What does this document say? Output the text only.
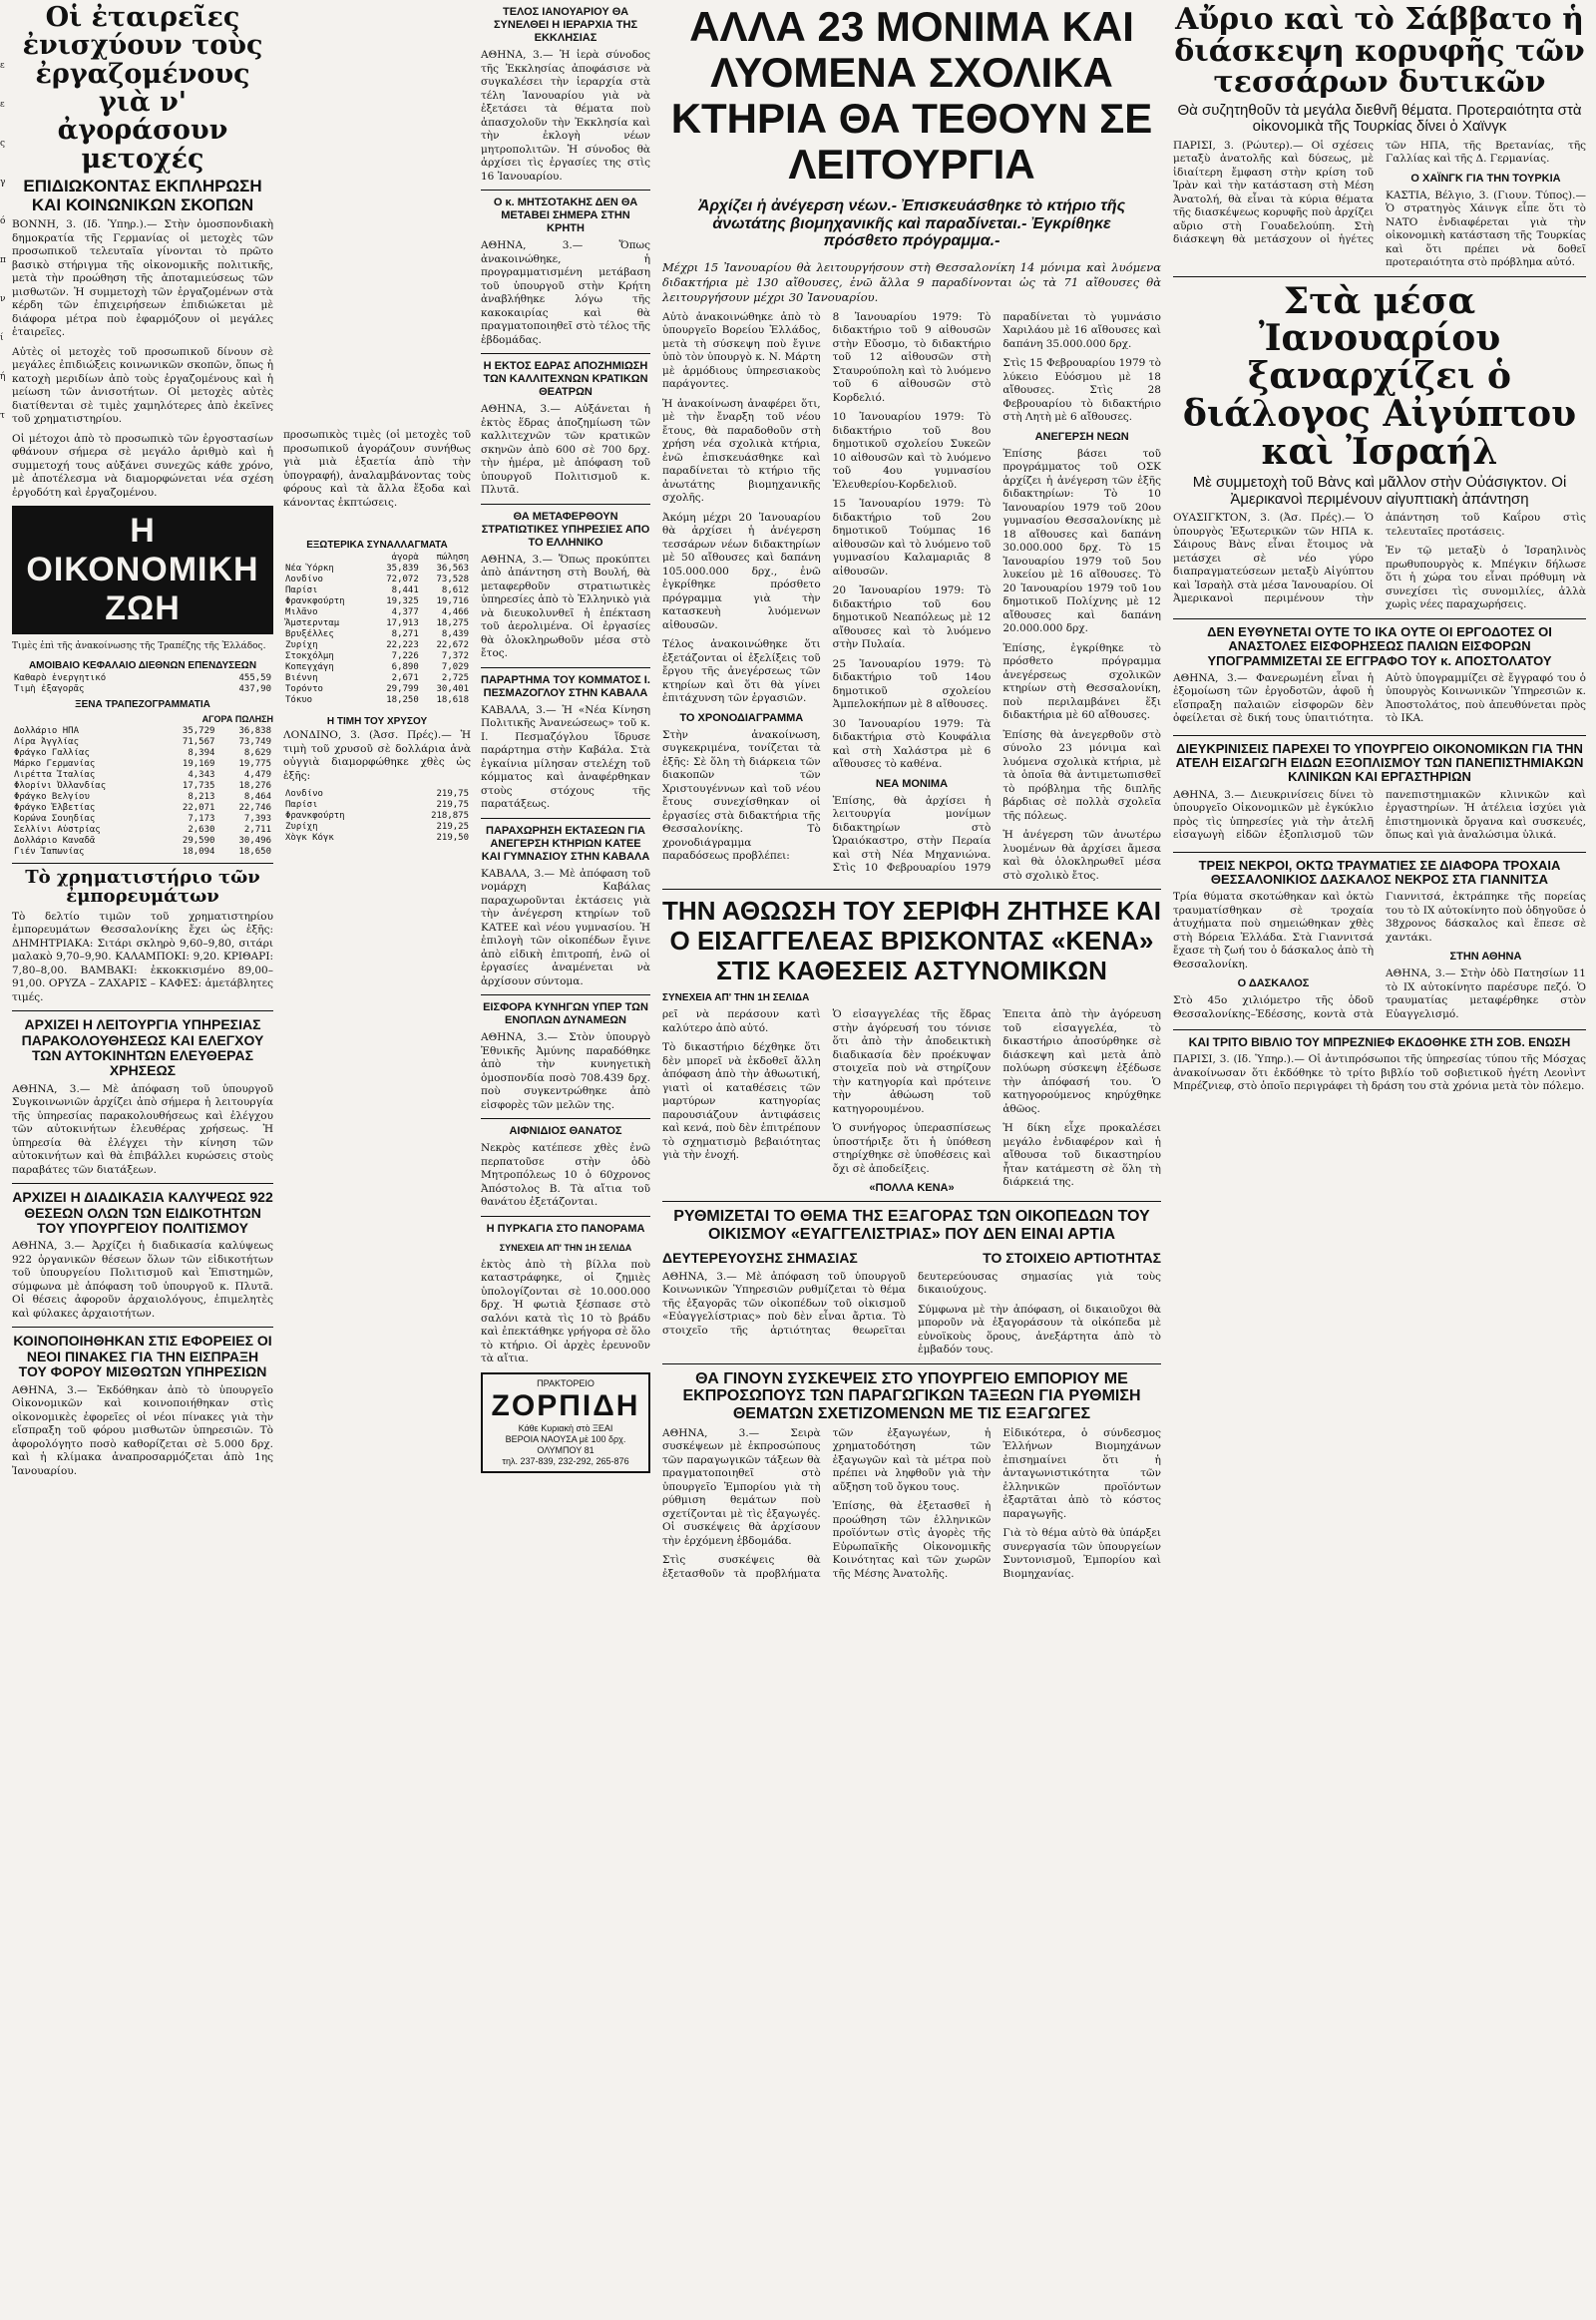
ε
ε
ς
γ
ό
π
ν
ί
ή
τ
Οἱ ἐταιρεῖες ἐνισχύουν τοὺς ἐργαζομένους γιὰ ν' ἀγοράσουν μετοχές
ΕΠΙΔΙΩΚΟΝΤΑΣ ΕΚΠΛΗΡΩΣΗ ΚΑΙ ΚΟΙΝΩΝΙΚΩΝ ΣΚΟΠΩΝ

ΒΟΝΝΗ, 3. (Ιδ. Ὑπηρ.).— Στὴν ὁμοσπονδιακὴ δημοκρατία τῆς Γερμανίας οἱ μετοχὲς τῶν προσωπικοῦ τελευταῖα γίνονται τὸ πρῶτο βασικὸ στήριγμα τῆς οἰκονομικῆς πολιτικῆς, μετὰ τὴν προώθηση τῆς ἀποταμιεύσεως τῶν μισθωτῶν. Ἡ συμμετοχὴ τῶν ἐργαζομένων στὰ κέρδη τῶν ἐπιχειρήσεων ἐπιδιώκεται μὲ διάφορα μέτρα ποὺ ἐφαρμόζουν οἱ μεγάλες ἑταιρεῖες.

Αὐτὲς οἱ μετοχὲς τοῦ προσωπικοῦ δίνουν σὲ μεγάλες ἐπιδιώξεις κοινωνικῶν σκοπῶν, ὅπως ἡ κατοχὴ μεριδίων ἀπὸ τοὺς ἐργαζομένους καὶ ἡ μείωση τῶν ἀνισοτήτων. Οἱ μετοχὲς αὐτὲς διατίθενται σὲ τιμὲς χαμηλότερες ἀπὸ ἐκεῖνες τοῦ χρηματιστηρίου.

Οἱ μέτοχοι ἀπὸ τὸ προσωπικὸ τῶν ἐργοστασίων φθάνουν σήμερα σὲ μεγάλο ἀριθμὸ καὶ ἡ συμμετοχή τους αὐξάνει συνεχῶς κάθε χρόνο, μὲ ἀποτέλεσμα νὰ διαμορφώνεται νέα σχέση ἐργοδότη καὶ ἐργαζομένου.

Η ΟΙΚΟΝΟΜΙΚΗ ΖΩΗ

Τιμὲς ἐπὶ τῆς ἀνακοίνωσης τῆς Τραπέζης τῆς Ἑλλάδος.

ΑΜΟΙΒΑΙΟ ΚΕΦΑΛΑΙΟ ΔΙΕΘΝΩΝ ΕΠΕΝΔΥΣΕΩΝ
Καθαρὸ ἐνεργητικό	455,59
Τιμὴ ἐξαγορᾶς	437,90
ΞΕΝΑ ΤΡΑΠΕΖΟΓΡΑΜΜΑΤΙΑ
ΑΓΟΡΑ ΠΩΛΗΣΗ
Δολλάριο ΗΠΑ	35,729	36,838
Λίρα Ἀγγλίας	71,567	73,749
Φράγκο Γαλλίας	8,394	8,629
Μάρκο Γερμανίας	19,169	19,775
Λιρέττα Ἰταλίας	4,343	4,479
Φλορίνι Ὀλλανδίας	17,735	18,276
Φράγκο Βελγίου	8,213	8,464
Φράγκο Ἑλβετίας	22,071	22,746
Κορώνα Σουηδίας	7,173	7,393
Σελλίνι Αὐστρίας	2,630	2,711
Δολλάριο Καναδᾶ	29,590	30,496
Γιέν Ἰαπωνίας	18,094	18,650
Τὸ χρηματιστήριο τῶν ἐμπορευμάτων

Τὸ δελτίο τιμῶν τοῦ χρηματιστηρίου ἐμπορευμάτων Θεσσαλονίκης ἔχει ὡς ἑξῆς: ΔΗΜΗΤΡΙΑΚΑ: Σιτάρι σκληρὸ 9,60–9,80, σιτάρι μαλακὸ 9,70–9,90. ΚΑΛΑΜΠΟΚΙ: 9,20. ΚΡΙΘΑΡΙ: 7,80–8,00. ΒΑΜΒΑΚΙ: ἐκκοκκισμένο 89,00–91,00. ΟΡΥΖΑ – ΖΑΧΑΡΙΣ – ΚΑΦΕΣ: ἀμετάβλητες τιμές.

ΑΡΧΙΖΕΙ Η ΛΕΙΤΟΥΡΓΙΑ ΥΠΗΡΕΣΙΑΣ ΠΑΡΑΚΟΛΟΥΘΗΣΕΩΣ ΚΑΙ ΕΛΕΓΧΟΥ ΤΩΝ ΑΥΤΟΚΙΝΗΤΩΝ ΕΛΕΥΘΕΡΑΣ ΧΡΗΣΕΩΣ

ΑΘΗΝΑ, 3.— Μὲ ἀπόφαση τοῦ ὑπουργοῦ Συγκοινωνιῶν ἀρχίζει ἀπὸ σήμερα ἡ λειτουργία τῆς ὑπηρεσίας παρακολουθήσεως καὶ ἐλέγχου τῶν αὐτοκινήτων ἐλευθέρας χρήσεως. Ἡ ὑπηρεσία θὰ ἐλέγχει τὴν κίνηση τῶν αὐτοκινήτων καὶ θὰ ἐπιβάλλει κυρώσεις στοὺς παραβάτες τῶν διατάξεων.

ΑΡΧΙΖΕΙ Η ΔΙΑΔΙΚΑΣΙΑ ΚΑΛΥΨΕΩΣ 922 ΘΕΣΕΩΝ ΟΛΩΝ ΤΩΝ ΕΙΔΙΚΟΤΗΤΩΝ ΤΟΥ ΥΠΟΥΡΓΕΙΟΥ ΠΟΛΙΤΙΣΜΟΥ

ΑΘΗΝΑ, 3.— Ἀρχίζει ἡ διαδικασία καλύψεως 922 ὀργανικῶν θέσεων ὅλων τῶν εἰδικοτήτων τοῦ ὑπουργείου Πολιτισμοῦ καὶ Ἐπιστημῶν, σύμφωνα μὲ ἀπόφαση τοῦ ὑπουργοῦ κ. Πλυτᾶ. Οἱ θέσεις ἀφοροῦν ἀρχαιολόγους, ἐπιμελητὲς καὶ φύλακες ἀρχαιοτήτων.

ΚΟΙΝΟΠΟΙΗΘΗΚΑΝ ΣΤΙΣ ΕΦΟΡΕΙΕΣ ΟΙ ΝΕΟΙ ΠΙΝΑΚΕΣ ΓΙΑ ΤΗΝ ΕΙΣΠΡΑΞΗ ΤΟΥ ΦΟΡΟΥ ΜΙΣΘΩΤΩΝ ΥΠΗΡΕΣΙΩΝ

ΑΘΗΝΑ, 3.— Ἐκδόθηκαν ἀπὸ τὸ ὑπουργεῖο Οἰκονομικῶν καὶ κοινοποιήθηκαν στὶς οἰκονομικὲς ἐφορεῖες οἱ νέοι πίνακες γιὰ τὴν εἴσπραξη τοῦ φόρου μισθωτῶν ὑπηρεσιῶν. Τὸ ἀφορολόγητο ποσὸ καθορίζεται σὲ 5.000 δρχ. καὶ ἡ κλίμακα ἀναπροσαρμόζεται ἀπὸ 1ης Ἰανουαρίου.

προσωπικὸς τιμὲς (οἱ μετοχὲς τοῦ προσωπικοῦ ἀγοράζουν συνήθως γιὰ μιὰ ἑξαετία ἀπὸ τὴν ὑπογραφή), ἀναλαμβάνοντας τοὺς φόρους καὶ τὰ ἄλλα ἔξοδα καὶ κάνοντας ἐκπτώσεις.

ΕΞΩΤΕΡΙΚΑ ΣΥΝΑΛΛΑΓΜΑΤΑ
	ἀγορὰ	πώληση
Νέα Ὑόρκη	35,839	36,563
Λονδίνο	72,072	73,528
Παρίσι	8,441	8,612
Φρανκφούρτη	19,325	19,716
Μιλᾶνο	4,377	4,466
Ἄμστερνταμ	17,913	18,275
Βρυξέλλες	8,271	8,439
Ζυρίχη	22,223	22,672
Στοκχόλμη	7,226	7,372
Κοπεγχάγη	6,890	7,029
Βιέννη	2,671	2,725
Τορόντο	29,799	30,401
Τόκυο	18,250	18,618
Η ΤΙΜΗ ΤΟΥ ΧΡΥΣΟΥ

ΛΟΝΔΙΝΟ, 3. (Ἀσσ. Πρές).— Ἡ τιμὴ τοῦ χρυσοῦ σὲ δολλάρια ἀνὰ οὐγγιὰ διαμορφώθηκε χθὲς ὡς ἑξῆς:

Λονδίνο	219,75
Παρίσι	219,75
Φρανκφούρτη	218,875
Ζυρίχη	219,25
Χὸγκ Κόγκ	219,50
ΤΕΛΟΣ ΙΑΝΟΥΑΡΙΟΥ ΘΑ ΣΥΝΕΛΘΕΙ Η ΙΕΡΑΡΧΙΑ ΤΗΣ ΕΚΚΛΗΣΙΑΣ

ΑΘΗΝΑ, 3.— Ἡ ἱερὰ σύνοδος τῆς Ἐκκλησίας ἀποφάσισε νὰ συγκαλέσει τὴν ἱεραρχία στὰ τέλη Ἰανουαρίου γιὰ νὰ ἐξετάσει τὰ θέματα ποὺ ἀπασχολοῦν τὴν Ἐκκλησία καὶ τὴν ἐκλογὴ νέων μητροπολιτῶν. Ἡ σύνοδος θὰ ἀρχίσει τὶς ἐργασίες της στὶς 16 Ἰανουαρίου.

Ο κ. ΜΗΤΣΟΤΑΚΗΣ ΔΕΝ ΘΑ ΜΕΤΑΒΕΙ ΣΗΜΕΡΑ ΣΤΗΝ ΚΡΗΤΗ

ΑΘΗΝΑ, 3.— Ὅπως ἀνακοινώθηκε, ἡ προγραμματισμένη μετάβαση τοῦ ὑπουργοῦ στὴν Κρήτη ἀναβλήθηκε λόγω τῆς κακοκαιρίας καὶ θὰ πραγματοποιηθεῖ στὸ τέλος τῆς ἑβδομάδας.

Η ΕΚΤΟΣ ΕΔΡΑΣ ΑΠΟΖΗΜΙΩΣΗ ΤΩΝ ΚΑΛΛΙΤΕΧΝΩΝ ΚΡΑΤΙΚΩΝ ΘΕΑΤΡΩΝ

ΑΘΗΝΑ, 3.— Αὐξάνεται ἡ ἐκτὸς ἕδρας ἀποζημίωση τῶν καλλιτεχνῶν τῶν κρατικῶν σκηνῶν ἀπὸ 600 σὲ 700 δρχ. τὴν ἡμέρα, μὲ ἀπόφαση τοῦ ὑπουργοῦ Πολιτισμοῦ κ. Πλυτᾶ.

ΘΑ ΜΕΤΑΦΕΡΘΟΥΝ ΣΤΡΑΤΙΩΤΙΚΕΣ ΥΠΗΡΕΣΙΕΣ ΑΠΟ ΤΟ ΕΛΛΗΝΙΚΟ

ΑΘΗΝΑ, 3.— Ὅπως προκύπτει ἀπὸ ἀπάντηση στὴ Βουλή, θὰ μεταφερθοῦν στρατιωτικὲς ὑπηρεσίες ἀπὸ τὸ Ἑλληνικὸ γιὰ νὰ διευκολυνθεῖ ἡ ἐπέκταση τοῦ ἀερολιμένα. Οἱ ἐργασίες θὰ ὁλοκληρωθοῦν μέσα στὸ ἔτος.

ΠΑΡΑΡΤΗΜΑ ΤΟΥ ΚΟΜΜΑΤΟΣ Ι. ΠΕΣΜΑΖΟΓΛΟΥ ΣΤΗΝ ΚΑΒΑΛΑ

ΚΑΒΑΛΑ, 3.— Ἡ «Νέα Κίνηση Πολιτικῆς Ἀνανεώσεως» τοῦ κ. Ι. Πεσμαζόγλου ἵδρυσε παράρτημα στὴν Καβάλα. Στὰ ἐγκαίνια μίλησαν στελέχη τοῦ κόμματος καὶ ἀναφέρθηκαν στοὺς στόχους τῆς παρατάξεως.

ΠΑΡΑΧΩΡΗΣΗ ΕΚΤΑΣΕΩΝ ΓΙΑ ΑΝΕΓΕΡΣΗ ΚΤΗΡΙΩΝ ΚΑΤΕΕ ΚΑΙ ΓΥΜΝΑΣΙΟΥ ΣΤΗΝ ΚΑΒΑΛΑ

ΚΑΒΑΛΑ, 3.— Μὲ ἀπόφαση τοῦ νομάρχη Καβάλας παραχωροῦνται ἐκτάσεις γιὰ τὴν ἀνέγερση κτηρίων τοῦ ΚΑΤΕΕ καὶ νέου γυμνασίου. Ἡ ἐπιλογὴ τῶν οἰκοπέδων ἔγινε ἀπὸ εἰδικὴ ἐπιτροπή, ἐνῶ οἱ ἐργασίες ἀναμένεται νὰ ἀρχίσουν σύντομα.

ΕΙΣΦΟΡΑ ΚΥΝΗΓΩΝ ΥΠΕΡ ΤΩΝ ΕΝΟΠΛΩΝ ΔΥΝΑΜΕΩΝ

ΑΘΗΝΑ, 3.— Στὸν ὑπουργὸ Ἐθνικῆς Ἀμύνης παραδόθηκε ἀπὸ τὴν κυνηγετικὴ ὁμοσπονδία ποσὸ 708.439 δρχ. ποὺ συγκεντρώθηκε ἀπὸ εἰσφορὲς τῶν μελῶν της.

ΑΙΦΝΙΔΙΟΣ ΘΑΝΑΤΟΣ

Νεκρὸς κατέπεσε χθὲς ἐνῶ περπατοῦσε στὴν ὁδὸ Μητροπόλεως 10 ὁ 60χρονος Ἀπόστολος Β. Τὰ αἴτια τοῦ θανάτου ἐξετάζονται.

Η ΠΥΡΚΑΓΙΑ ΣΤΟ ΠΑΝΟΡΑΜΑ
ΣΥΝΕΧΕΙΑ ΑΠ' ΤΗΝ 1Η ΣΕΛΙΔΑ

ἐκτὸς ἀπὸ τὴ βίλλα ποὺ καταστράφηκε, οἱ ζημιὲς ὑπολογίζονται σὲ 10.000.000 δρχ. Ἡ φωτιὰ ξέσπασε στὸ σαλόνι κατὰ τὶς 10 τὸ βράδυ καὶ ἐπεκτάθηκε γρήγορα σὲ ὅλο τὸ κτήριο. Οἱ ἀρχὲς ἐρευνοῦν τὰ αἴτια.

ΠΡΑΚΤΟΡΕΙΟ
ΖΟΡΠΙΔΗ
Κάθε Κυριακὴ στὸ ΞΕΑΙ
ΒΕΡΟΙΑ ΝΑΟΥΣΑ μὲ 100 δρχ.
ΟΛΥΜΠΟΥ 81
τηλ. 237-839, 232-292, 265-876
ΑΛΛΑ 23 ΜΟΝΙΜΑ ΚΑΙ ΛΥΟΜΕΝΑ ΣΧΟΛΙΚΑ ΚΤΗΡΙΑ ΘΑ ΤΕΘΟΥΝ ΣΕ ΛΕΙΤΟΥΡΓΙΑ
Ἀρχίζει ἡ ἀνέγερση νέων.- Ἐπισκευάσθηκε τὸ κτήριο τῆς ἀνωτάτης βιομηχανικῆς καὶ παραδίνεται.- Ἐγκρίθηκε πρόσθετο πρόγραμμα.-

Μέχρι 15 Ἰανουαρίου θὰ λειτουργήσουν στὴ Θεσσαλονίκη 14 μόνιμα καὶ λυόμενα διδακτήρια μὲ 130 αἴθουσες, ἐνῶ ἄλλα 9 παραδίνονται ὡς τὰ 71 αἴθουσες θὰ λειτουργήσουν μέχρι 30 Ἰανουαρίου.

Αὐτὸ ἀνακοινώθηκε ἀπὸ τὸ ὑπουργεῖο Βορείου Ἑλλάδος, μετὰ τὴ σύσκεψη ποὺ ἔγινε ὑπὸ τὸν ὑπουργὸ κ. Ν. Μάρτη μὲ ἁρμόδιους ὑπηρεσιακοὺς παράγοντες.

Ἡ ἀνακοίνωση ἀναφέρει ὅτι, μὲ τὴν ἔναρξη τοῦ νέου ἔτους, θὰ παραδοθοῦν στὴ χρήση νέα σχολικὰ κτήρια, ἐνῶ ἐπισκευάσθηκε καὶ παραδίνεται τὸ κτήριο τῆς ἀνωτάτης βιομηχανικῆς σχολῆς.

Ἀκόμη μέχρι 20 Ἰανουαρίου θὰ ἀρχίσει ἡ ἀνέγερση τεσσάρων νέων διδακτηρίων μὲ 50 αἴθουσες καὶ δαπάνη 105.000.000 δρχ., ἐνῶ ἐγκρίθηκε πρόσθετο πρόγραμμα γιὰ τὴν κατασκευὴ λυόμενων αἰθουσῶν.

Τέλος ἀνακοινώθηκε ὅτι ἐξετάζονται οἱ ἐξελίξεις τοῦ ἔργου τῆς ἀνεγέρσεως τῶν κτηρίων καὶ ὅτι θὰ γίνει ἐπιτάχυνση τῶν ἐργασιῶν.

ΤΟ ΧΡΟΝΟΔΙΑΓΡΑΜΜΑ

Στὴν ἀνακοίνωση, συγκεκριμένα, τονίζεται τὰ ἑξῆς: Σὲ ὅλη τὴ διάρκεια τῶν διακοπῶν τῶν Χριστουγέννων καὶ τοῦ νέου ἔτους συνεχίσθηκαν οἱ ἐργασίες στὰ διδακτήρια τῆς Θεσσαλονίκης. Τὸ χρονοδιάγραμμα παραδόσεως προβλέπει:

8 Ἰανουαρίου 1979: Τὸ διδακτήριο τοῦ 9 αἰθουσῶν στὴν Εὔοσμο, τὸ διδακτήριο τοῦ 12 αἰθουσῶν στὴ Σταυρούπολη καὶ τὸ λυόμενο τοῦ 6 αἰθουσῶν στὸ Κορδελιό.

10 Ἰανουαρίου 1979: Τὸ διδακτήριο τοῦ 8ου δημοτικοῦ σχολείου Συκεῶν 10 αἰθουσῶν καὶ τὸ λυόμενο τοῦ 4ου γυμνασίου Ἐλευθερίου-Κορδελιοῦ.

15 Ἰανουαρίου 1979: Τὸ διδακτήριο τοῦ 2ου δημοτικοῦ Τούμπας 16 αἰθουσῶν καὶ τὸ λυόμενο τοῦ γυμνασίου Καλαμαριᾶς 8 αἰθουσῶν.

20 Ἰανουαρίου 1979: Τὸ διδακτήριο τοῦ 6ου δημοτικοῦ Νεαπόλεως μὲ 12 αἴθουσες καὶ τὸ λυόμενο στὴν Πυλαία.

25 Ἰανουαρίου 1979: Τὸ διδακτήριο τοῦ 14ου δημοτικοῦ σχολείου Ἀμπελοκήπων μὲ 8 αἴθουσες.

30 Ἰανουαρίου 1979: Τὰ διδακτήρια στὸ Κουφάλια καὶ στὴ Χαλάστρα μὲ 6 αἴθουσες τὸ καθένα.

ΝΕΑ ΜΟΝΙΜΑ

Ἐπίσης, θὰ ἀρχίσει ἡ λειτουργία μονίμων διδακτηρίων στὸ Ὡραιόκαστρο, στὴν Περαία καὶ στὴ Νέα Μηχανιώνα. Στὶς 10 Φεβρουαρίου 1979 παραδίνεται τὸ γυμνάσιο Χαριλάου μὲ 16 αἴθουσες καὶ δαπάνη 35.000.000 δρχ.

Στὶς 15 Φεβρουαρίου 1979 τὸ λύκειο Εὐόσμου μὲ 18 αἴθουσες. Στὶς 28 Φεβρουαρίου τὸ διδακτήριο στὴ Λητὴ μὲ 6 αἴθουσες.

ΑΝΕΓΕΡΣΗ ΝΕΩΝ

Ἐπίσης βάσει τοῦ προγράμματος τοῦ ΟΣΚ ἀρχίζει ἡ ἀνέγερση τῶν ἑξῆς διδακτηρίων: Τὸ 10 Ἰανουαρίου 1979 τοῦ 20ου γυμνασίου Θεσσαλονίκης μὲ 18 αἴθουσες καὶ δαπάνη 30.000.000 δρχ. Τὸ 15 Ἰανουαρίου 1979 τοῦ 5ου λυκείου μὲ 16 αἴθουσες. Τὸ 20 Ἰανουαρίου 1979 τοῦ 1ου δημοτικοῦ Πολίχνης μὲ 12 αἴθουσες καὶ δαπάνη 20.000.000 δρχ.

Ἐπίσης, ἐγκρίθηκε τὸ πρόσθετο πρόγραμμα ἀνεγέρσεως σχολικῶν κτηρίων στὴ Θεσσαλονίκη, ποὺ περιλαμβάνει ἕξι διδακτήρια μὲ 60 αἴθουσες.

Ἐπίσης θὰ ἀνεγερθοῦν στὸ σύνολο 23 μόνιμα καὶ λυόμενα σχολικὰ κτήρια, μὲ τὰ ὁποῖα θὰ ἀντιμετωπισθεῖ τὸ πρόβλημα τῆς διπλῆς βάρδιας σὲ πολλὰ σχολεῖα τῆς πόλεως.

Ἡ ἀνέγερση τῶν ἀνωτέρω λυομένων θὰ ἀρχίσει ἄμεσα καὶ θὰ ὁλοκληρωθεῖ μέσα στὸ σχολικὸ ἔτος.

ΤΗΝ ΑΘΩΩΣΗ ΤΟΥ ΣΕΡΙΦΗ ΖΗΤΗΣΕ ΚΑΙ Ο ΕΙΣΑΓΓΕΛΕΑΣ ΒΡΙΣΚΟΝΤΑΣ «ΚΕΝΑ» ΣΤΙΣ ΚΑΘΕΣΕΙΣ ΑΣΤΥΝΟΜΙΚΩΝ
ΣΥΝΕΧΕΙΑ ΑΠ' ΤΗΝ 1Η ΣΕΛΙΔΑ

ρεῖ νὰ περάσουν κατὶ καλύτερο ἀπὸ αὐτό.

Τὸ δικαστήριο δέχθηκε ὅτι δὲν μπορεῖ νὰ ἐκδοθεῖ ἄλλη ἀπόφαση ἀπὸ τὴν ἀθωωτική, γιατὶ οἱ καταθέσεις τῶν μαρτύρων κατηγορίας παρουσιάζουν ἀντιφάσεις καὶ κενά, ποὺ δὲν ἐπιτρέπουν τὸ σχηματισμὸ βεβαιότητας γιὰ τὴν ἐνοχή.

Ὁ εἰσαγγελέας τῆς ἕδρας στὴν ἀγόρευσή του τόνισε ὅτι ἀπὸ τὴν ἀποδεικτικὴ διαδικασία δὲν προέκυψαν στοιχεῖα ποὺ νὰ στηρίζουν τὴν κατηγορία καὶ πρότεινε τὴν ἀθώωση τοῦ κατηγορουμένου.

Ὁ συνήγορος ὑπερασπίσεως ὑποστήριξε ὅτι ἡ ὑπόθεση στηρίχθηκε σὲ ὑποθέσεις καὶ ὄχι σὲ ἀποδείξεις.

«ΠΟΛΛΑ ΚΕΝΑ»

Ἐπειτα ἀπὸ τὴν ἀγόρευση τοῦ εἰσαγγελέα, τὸ δικαστήριο ἀποσύρθηκε σὲ διάσκεψη καὶ μετὰ ἀπὸ πολύωρη σύσκεψη ἐξέδωσε τὴν ἀπόφασή του. Ὁ κατηγορούμενος κηρύχθηκε ἀθῶος.

Ἡ δίκη εἶχε προκαλέσει μεγάλο ἐνδιαφέρον καὶ ἡ αἴθουσα τοῦ δικαστηρίου ἦταν κατάμεστη σὲ ὅλη τὴ διάρκειά της.

ΡΥΘΜΙΖΕΤΑΙ ΤΟ ΘΕΜΑ ΤΗΣ ΕΞΑΓΟΡΑΣ ΤΩΝ ΟΙΚΟΠΕΔΩΝ ΤΟΥ ΟΙΚΙΣΜΟΥ «ΕΥΑΓΓΕΛΙΣΤΡΙΑΣ» ΠΟΥ ΔΕΝ ΕΙΝΑΙ ΑΡΤΙΑ
ΔΕΥΤΕΡΕΥΟΥΣΗΣ ΣΗΜΑΣΙΑΣ	ΤΟ ΣΤΟΙΧΕΙΟ ΑΡΤΙΟΤΗΤΑΣ

ΑΘΗΝΑ, 3.— Μὲ ἀπόφαση τοῦ ὑπουργοῦ Κοινωνικῶν Ὑπηρεσιῶν ρυθμίζεται τὸ θέμα τῆς ἐξαγορᾶς τῶν οἰκοπέδων τοῦ οἰκισμοῦ «Εὐαγγελίστριας» ποὺ δὲν εἶναι ἄρτια. Τὸ στοιχεῖο τῆς ἀρτιότητας θεωρεῖται δευτερεύουσας σημασίας γιὰ τοὺς δικαιούχους.

Σύμφωνα μὲ τὴν ἀπόφαση, οἱ δικαιοῦχοι θὰ μποροῦν νὰ ἐξαγοράσουν τὰ οἰκόπεδα μὲ εὐνοϊκοὺς ὅρους, ἀνεξάρτητα ἀπὸ τὸ ἐμβαδόν τους.

ΘΑ ΓΙΝΟΥΝ ΣΥΣΚΕΨΕΙΣ ΣΤΟ ΥΠΟΥΡΓΕΙΟ ΕΜΠΟΡΙΟΥ ΜΕ ΕΚΠΡΟΣΩΠΟΥΣ ΤΩΝ ΠΑΡΑΓΩΓΙΚΩΝ ΤΑΞΕΩΝ ΓΙΑ ΡΥΘΜΙΣΗ ΘΕΜΑΤΩΝ ΣΧΕΤΙΖΟΜΕΝΩΝ ΜΕ ΤΙΣ ΕΞΑΓΩΓΕΣ

ΑΘΗΝΑ, 3.— Σειρὰ συσκέψεων μὲ ἐκπροσώπους τῶν παραγωγικῶν τάξεων θὰ πραγματοποιηθεῖ στὸ ὑπουργεῖο Ἐμπορίου γιὰ τὴ ρύθμιση θεμάτων ποὺ σχετίζονται μὲ τὶς ἐξαγωγές. Οἱ συσκέψεις θὰ ἀρχίσουν τὴν ἐρχόμενη ἑβδομάδα.

Στὶς συσκέψεις θὰ ἐξετασθοῦν τὰ προβλήματα τῶν ἐξαγωγέων, ἡ χρηματοδότηση τῶν ἐξαγωγῶν καὶ τὰ μέτρα ποὺ πρέπει νὰ ληφθοῦν γιὰ τὴν αὔξηση τοῦ ὄγκου τους.

Ἐπίσης, θὰ ἐξετασθεῖ ἡ προώθηση τῶν ἑλληνικῶν προϊόντων στὶς ἀγορὲς τῆς Εὐρωπαϊκῆς Οἰκονομικῆς Κοινότητας καὶ τῶν χωρῶν τῆς Μέσης Ἀνατολῆς.

Εἰδικότερα, ὁ σύνδεσμος Ἑλλήνων Βιομηχάνων ἐπισημαίνει ὅτι ἡ ἀνταγωνιστικότητα τῶν ἑλληνικῶν προϊόντων ἐξαρτᾶται ἀπὸ τὸ κόστος παραγωγῆς.

Γιὰ τὸ θέμα αὐτὸ θὰ ὑπάρξει συνεργασία τῶν ὑπουργείων Συντονισμοῦ, Ἐμπορίου καὶ Βιομηχανίας.

Αὔριο καὶ τὸ Σάββατο ἡ διάσκεψη κορυφῆς τῶν τεσσάρων δυτικῶν
Θὰ συζητηθοῦν τὰ μεγάλα διεθνῆ θέματα. Προτεραιότητα στὰ οἰκονομικὰ τῆς Τουρκίας δίνει ὁ Χαϊνγκ

ΠΑΡΙΣΙ, 3. (Ρώυτερ).— Οἱ σχέσεις μεταξὺ ἀνατολῆς καὶ δύσεως, μὲ ἰδιαίτερη ἔμφαση στὴν κρίση τοῦ Ἰρὰν καὶ τὴν κατάσταση στὴ Μέση Ἀνατολή, θὰ εἶναι τὰ κύρια θέματα τῆς διασκέψεως κορυφῆς ποὺ ἀρχίζει αὔριο στὴ Γουαδελούπη. Στὴ διάσκεψη θὰ μετάσχουν οἱ ἡγέτες τῶν ΗΠΑ, τῆς Βρετανίας, τῆς Γαλλίας καὶ τῆς Δ. Γερμανίας.

Ο ΧΑΪΝΓΚ ΓΙΑ ΤΗΝ ΤΟΥΡΚΙΑ

ΚΑΣΤΙΑ, Βέλγιο, 3. (Γιουν. Τύπος).— Ὁ στρατηγὸς Χάινγκ εἶπε ὅτι τὸ ΝΑΤΟ ἐνδιαφέρεται γιὰ τὴν οἰκονομικὴ κατάσταση τῆς Τουρκίας καὶ ὅτι πρέπει νὰ δοθεῖ προτεραιότητα στὸ πρόβλημα αὐτό.

Στὰ μέσα Ἰανουαρίου ξαναρχίζει ὁ διάλογος Αἰγύπτου καὶ Ἰσραήλ
Μὲ συμμετοχὴ τοῦ Βὰνς καὶ μᾶλλον στὴν Οὐάσιγκτον. Οἱ Ἀμερικανοὶ περιμένουν αἰγυπτιακὴ ἀπάντηση

ΟΥΑΣΙΓΚΤΟΝ, 3. (Ἀσ. Πρές).— Ὁ ὑπουργὸς Ἐξωτερικῶν τῶν ΗΠΑ κ. Σάιρους Βὰνς εἶναι ἕτοιμος νὰ μετάσχει σὲ νέο γύρο διαπραγματεύσεων μεταξὺ Αἰγύπτου καὶ Ἰσραὴλ στὰ μέσα Ἰανουαρίου. Οἱ Ἀμερικανοὶ περιμένουν τὴν ἀπάντηση τοῦ Καΐρου στὶς τελευταῖες προτάσεις.

Ἐν τῷ μεταξὺ ὁ Ἰσραηλινὸς πρωθυπουργὸς κ. Μπέγκιν δήλωσε ὅτι ἡ χώρα του εἶναι πρόθυμη νὰ συνεχίσει τὶς συνομιλίες, ἀλλὰ χωρὶς νέες παραχωρήσεις.

ΔΕΝ ΕΥΘΥΝΕΤΑΙ ΟΥΤΕ ΤΟ ΙΚΑ ΟΥΤΕ ΟΙ ΕΡΓΟΔΟΤΕΣ ΟΙ ΑΝΑΣΤΟΛΕΣ ΕΙΣΦΟΡΗΣΕΩΣ ΠΑΛΙΩΝ ΕΙΣΦΟΡΩΝ ΥΠΟΓΡΑΜΜΙΖΕΤΑΙ ΣΕ ΕΓΓΡΑΦΟ ΤΟΥ κ. ΑΠΟΣΤΟΛΑΤΟΥ

ΑΘΗΝΑ, 3.— Φανερωμένη εἶναι ἡ ἐξομοίωση τῶν ἐργοδοτῶν, ἀφοῦ ἡ εἴσπραξη παλαιῶν εἰσφορῶν δὲν ὀφείλεται σὲ δική τους ὑπαιτιότητα. Αὐτὸ ὑπογραμμίζει σὲ ἔγγραφό του ὁ ὑπουργὸς Κοινωνικῶν Ὑπηρεσιῶν κ. Ἀποστολάτος, ποὺ ἀπευθύνεται πρὸς τὸ ΙΚΑ.

ΔΙΕΥΚΡΙΝΙΣΕΙΣ ΠΑΡΕΧΕΙ ΤΟ ΥΠΟΥΡΓΕΙΟ ΟΙΚΟΝΟΜΙΚΩΝ ΓΙΑ ΤΗΝ ΑΤΕΛΗ ΕΙΣΑΓΩΓΗ ΕΙΔΩΝ ΕΞΟΠΛΙΣΜΟΥ ΤΩΝ ΠΑΝΕΠΙΣΤΗΜΙΑΚΩΝ ΚΛΙΝΙΚΩΝ ΚΑΙ ΕΡΓΑΣΤΗΡΙΩΝ

ΑΘΗΝΑ, 3.— Διευκρινίσεις δίνει τὸ ὑπουργεῖο Οἰκονομικῶν μὲ ἐγκύκλιο πρὸς τὶς ὑπηρεσίες γιὰ τὴν ἀτελῆ εἰσαγωγὴ εἰδῶν ἐξοπλισμοῦ τῶν πανεπιστημιακῶν κλινικῶν καὶ ἐργαστηρίων. Ἡ ἀτέλεια ἰσχύει γιὰ ἐπιστημονικὰ ὄργανα καὶ συσκευές, ὅπως καὶ γιὰ ἀναλώσιμα ὑλικά.

ΤΡΕΙΣ ΝΕΚΡΟΙ, ΟΚΤΩ ΤΡΑΥΜΑΤΙΕΣ ΣΕ ΔΙΑΦΟΡΑ ΤΡΟΧΑΙΑ ΘΕΣΣΑΛΟΝΙΚΙΟΣ ΔΑΣΚΑΛΟΣ ΝΕΚΡΟΣ ΣΤΑ ΓΙΑΝΝΙΤΣΑ

Τρία θύματα σκοτώθηκαν καὶ ὀκτὼ τραυματίσθηκαν σὲ τροχαία ἀτυχήματα ποὺ σημειώθηκαν χθὲς στὴ Βόρεια Ἑλλάδα. Στὰ Γιαννιτσά ἔχασε τὴ ζωή του ὁ δάσκαλος ἀπὸ τὴ Θεσσαλονίκη.

Ο ΔΑΣΚΑΛΟΣ

Στὸ 45ο χιλιόμετρο τῆς ὁδοῦ Θεσσαλονίκης–Ἐδέσσης, κοντὰ στὰ Γιαννιτσά, ἐκτράπηκε τῆς πορείας του τὸ ΙΧ αὐτοκίνητο ποὺ ὁδηγοῦσε ὁ 38χρονος δάσκαλος καὶ ἔπεσε σὲ χαντάκι.

ΣΤΗΝ ΑΘΗΝΑ

ΑΘΗΝΑ, 3.— Στὴν ὁδὸ Πατησίων 11 τὸ ΙΧ αὐτοκίνητο παρέσυρε πεζό. Ὁ τραυματίας μεταφέρθηκε στὸν Εὐαγγελισμό.

ΚΑΙ ΤΡΙΤΟ ΒΙΒΛΙΟ ΤΟΥ ΜΠΡΕΖΝΙΕΦ ΕΚΔΟΘΗΚΕ ΣΤΗ ΣΟΒ. ΕΝΩΣΗ

ΠΑΡΙΣΙ, 3. (Ιδ. Ὑπηρ.).— Οἱ ἀντιπρόσωποι τῆς ὑπηρεσίας τύπου τῆς Μόσχας ἀνακοίνωσαν ὅτι ἐκδόθηκε τὸ τρίτο βιβλίο τοῦ σοβιετικοῦ ἡγέτη Λεονὶντ Μπρέζνιεφ, στὸ ὁποῖο περιγράφει τὴ δράση του στὰ χρόνια μετὰ τὸν πόλεμο.
